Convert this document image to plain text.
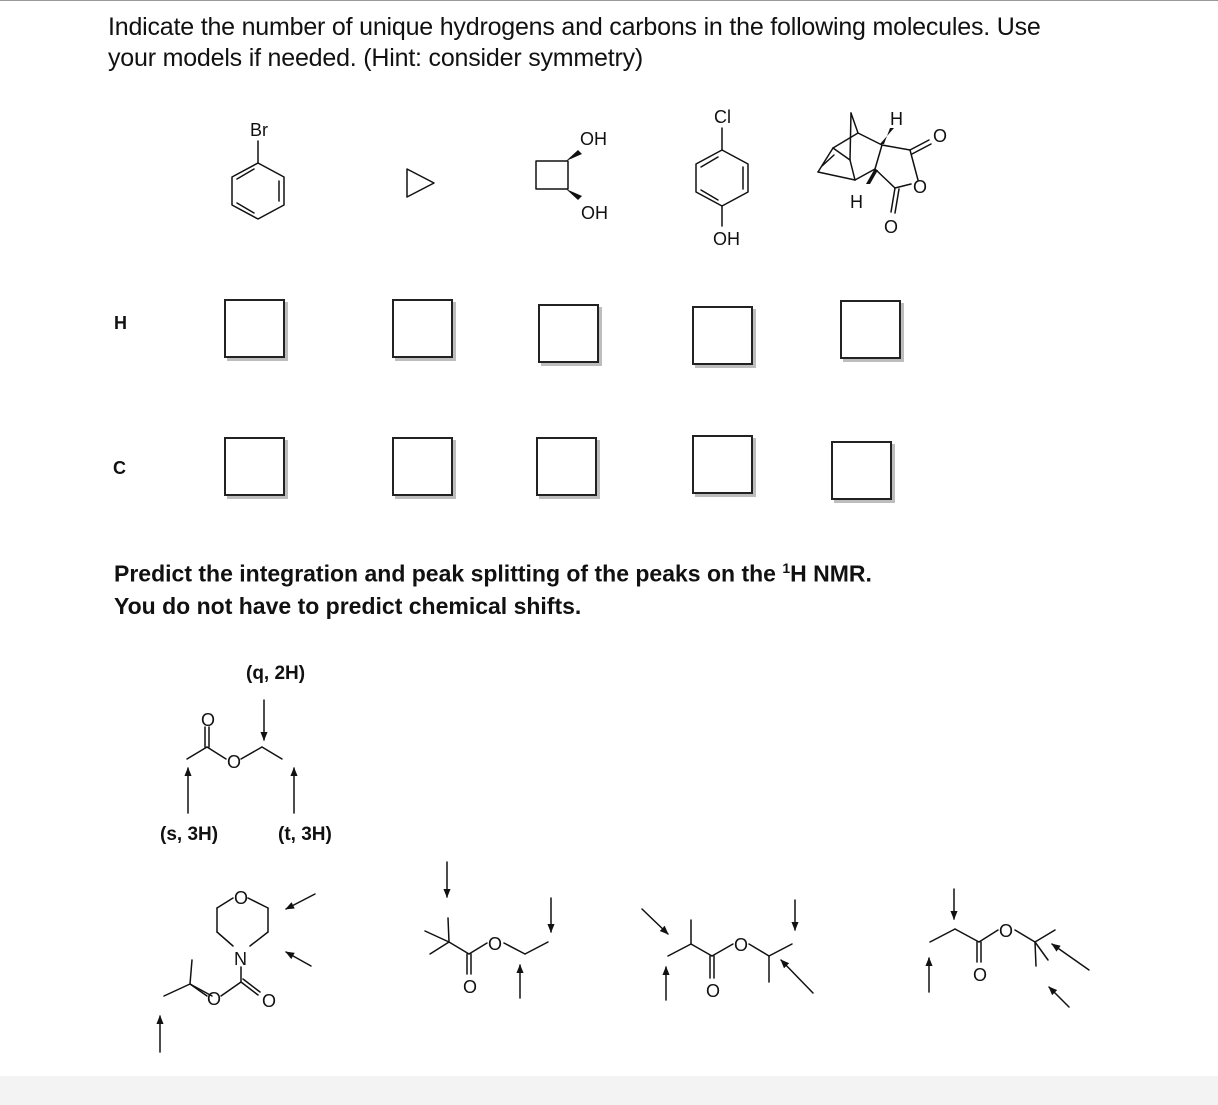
Indicate the number of unique hydrogens and carbons in the following molecules. Use
your models if needed. (Hint: consider symmetry)
Br	OH
OH
Cl
OH
H
H
O
O
O
O
O
O
N
O O
O
O
O
O
O
O
H
C
Predict the integration and peak splitting of the peaks on the $^1$H NMR.
You do not have to predict chemical shifts.
(q, 2H)
(s, 3H)	(t, 3H)
